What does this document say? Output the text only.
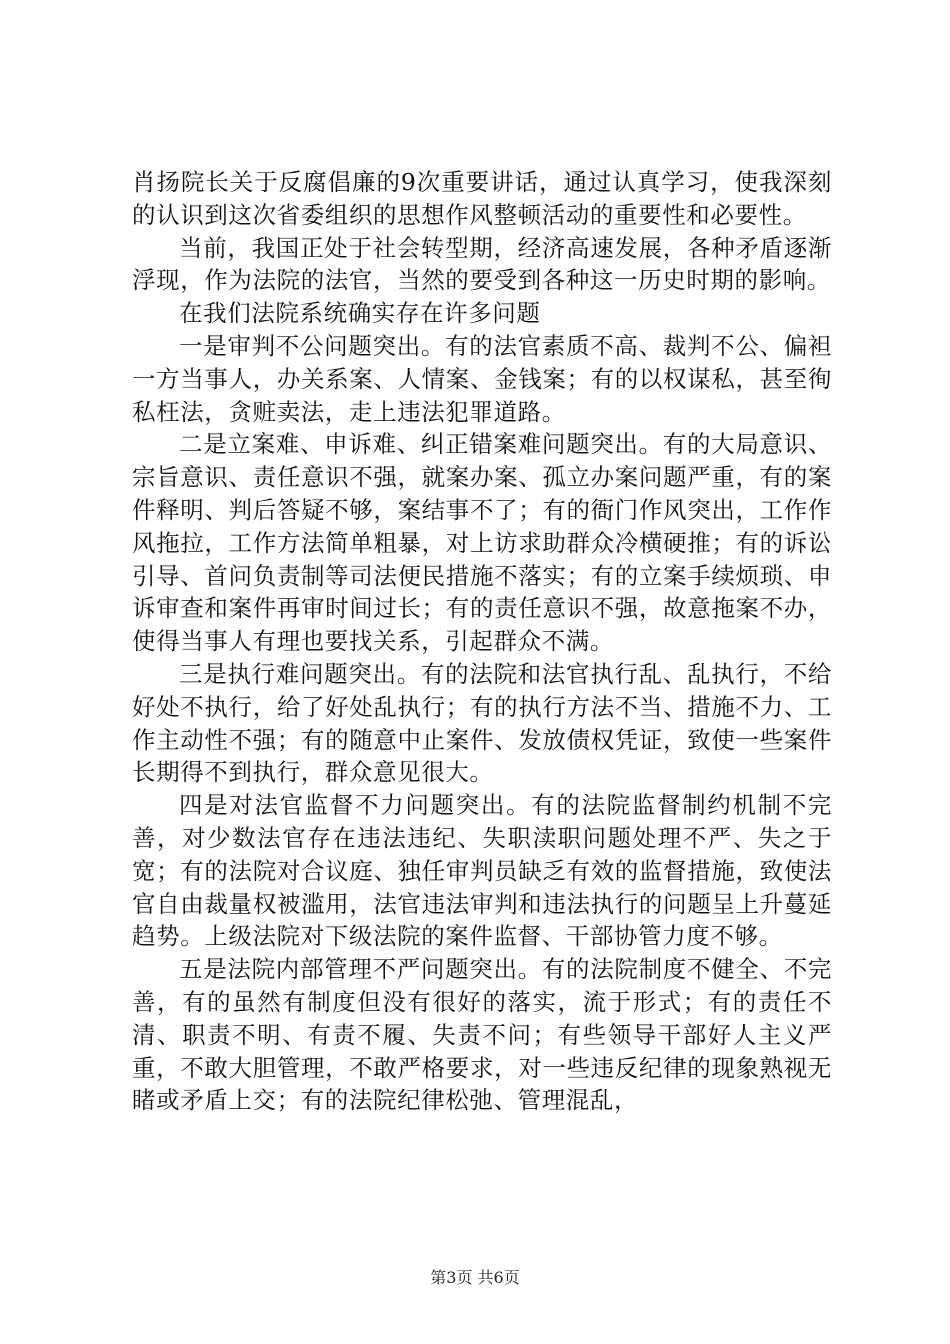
肖扬院长关于反腐倡廉的9次重要讲话，通过认真学习，使我深刻的认识到这次省委组织的思想作风整顿活动的重要性和必要性。

当前，我国正处于社会转型期，经济高速发展，各种矛盾逐渐浮现，作为法院的法官，当然的要受到各种这一历史时期的影响。

在我们法院系统确实存在许多问题

一是审判不公问题突出。有的法官素质不高、裁判不公、偏袒一方当事人，办关系案、人情案、金钱案；有的以权谋私，甚至徇私枉法，贪赃卖法，走上违法犯罪道路。

二是立案难、申诉难、纠正错案难问题突出。有的大局意识、宗旨意识、责任意识不强，就案办案、孤立办案问题严重，有的案件释明、判后答疑不够，案结事不了；有的衙门作风突出，工作作风拖拉，工作方法简单粗暴，对上访求助群众冷横硬推；有的诉讼引导、首问负责制等司法便民措施不落实；有的立案手续烦琐、申诉审查和案件再审时间过长；有的责任意识不强，故意拖案不办，使得当事人有理也要找关系，引起群众不满。

三是执行难问题突出。有的法院和法官执行乱、乱执行，不给好处不执行，给了好处乱执行；有的执行方法不当、措施不力、工作主动性不强；有的随意中止案件、发放债权凭证，致使一些案件长期得不到执行，群众意见很大。

四是对法官监督不力问题突出。有的法院监督制约机制不完善，对少数法官存在违法违纪、失职渎职问题处理不严、失之于宽；有的法院对合议庭、独任审判员缺乏有效的监督措施，致使法官自由裁量权被滥用，法官违法审判和违法执行的问题呈上升蔓延趋势。上级法院对下级法院的案件监督、干部协管力度不够。

五是法院内部管理不严问题突出。有的法院制度不健全、不完善，有的虽然有制度但没有很好的落实，流于形式；有的责任不清、职责不明、有责不履、失责不问；有些领导干部好人主义严重，不敢大胆管理，不敢严格要求，对一些违反纪律的现象熟视无睹或矛盾上交；有的法院纪律松弛、管理混乱，

第3页 共6页
